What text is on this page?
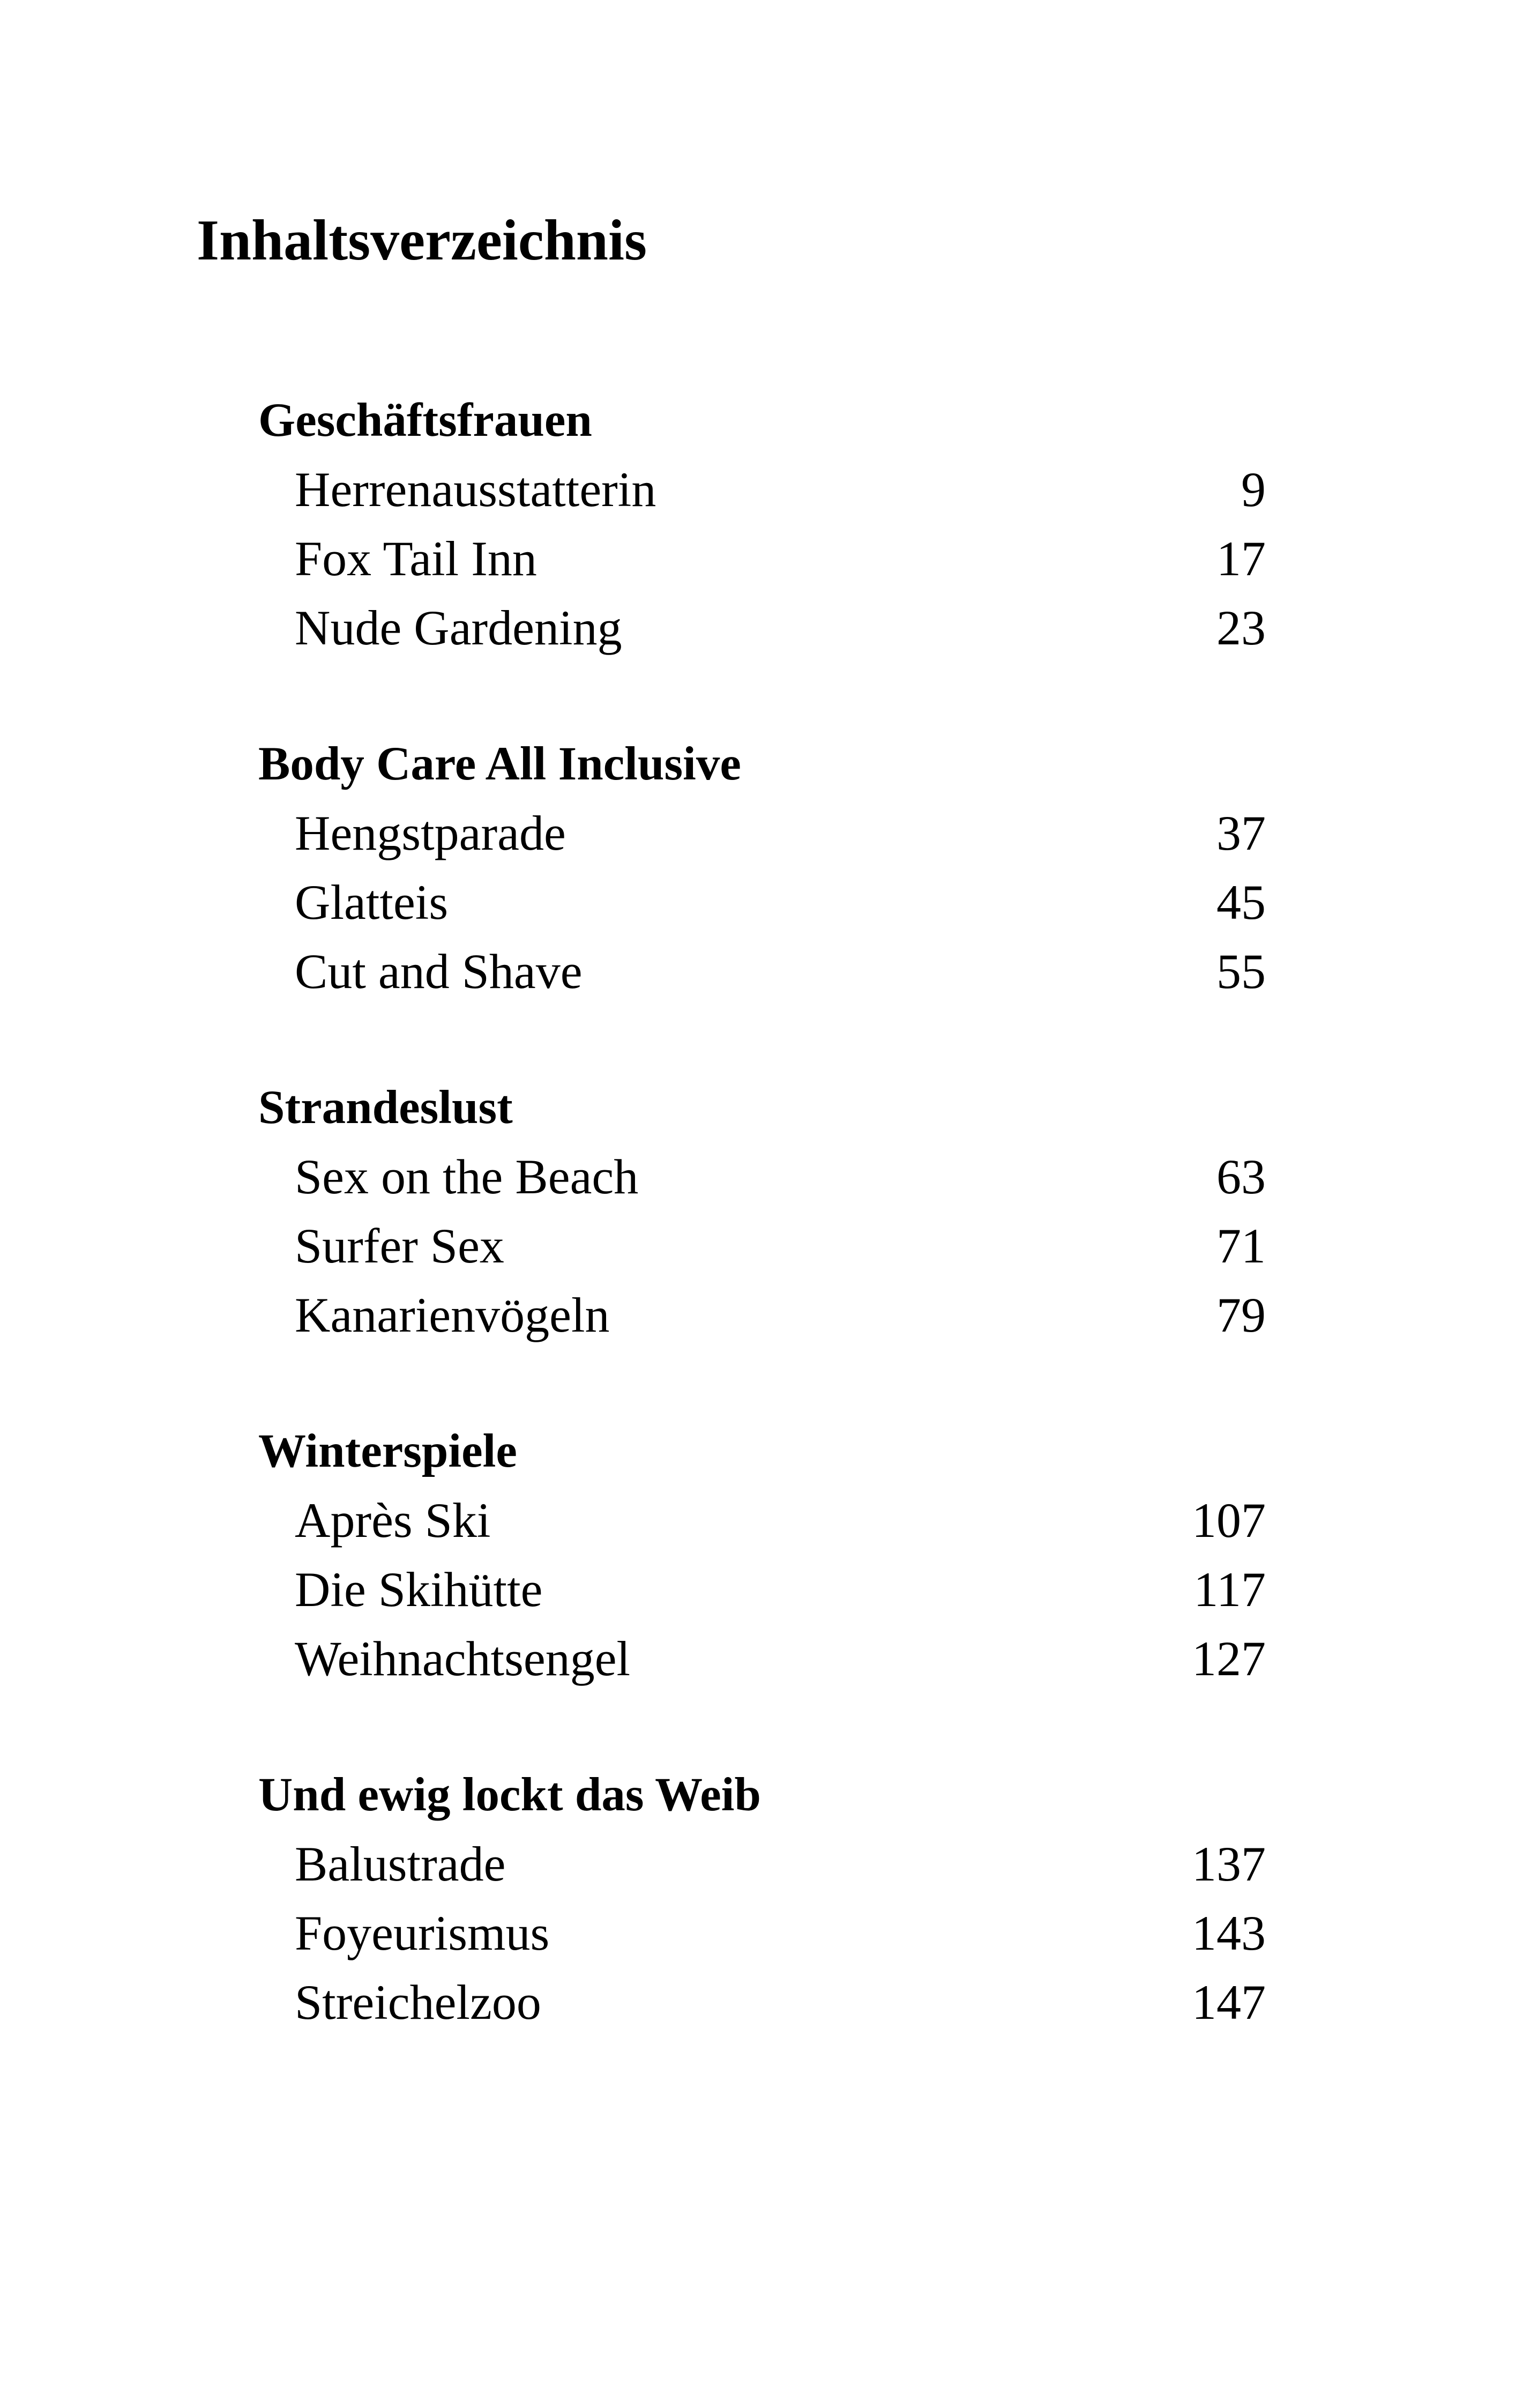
Inhaltsverzeichnis
Geschäftsfrauen
Herrenausstatterin	9
Fox Tail Inn	17
Nude Gardening	23
Body Care All Inclusive
Hengstparade	37
Glatteis	45
Cut and Shave	55
Strandeslust
Sex on the Beach	63
Surfer Sex	71
Kanarienvögeln	79
Winterspiele
Après Ski	107
Die Skihütte	117
Weihnachtsengel	127
Und ewig lockt das Weib
Balustrade	137
Foyeurismus	143
Streichelzoo	147
